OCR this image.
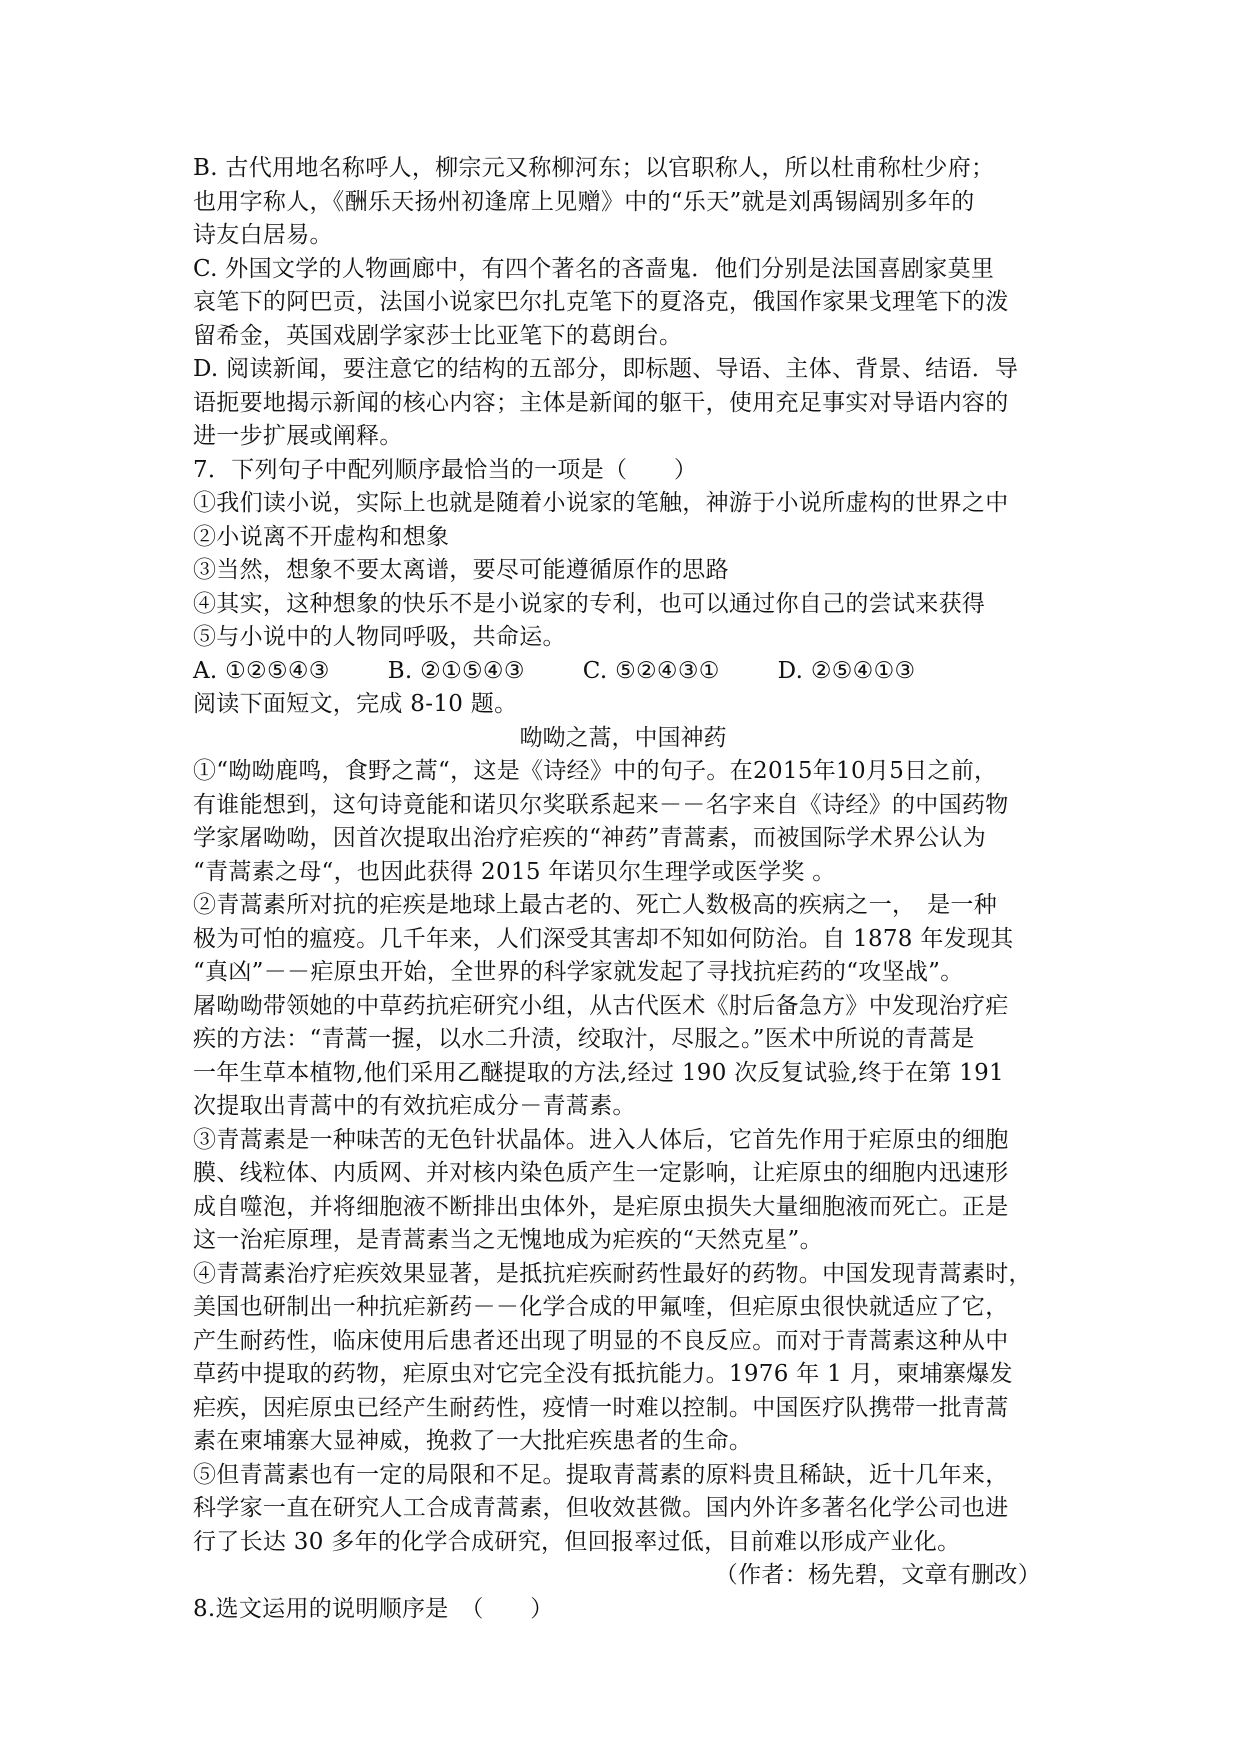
B. 古代用地名称呼人，柳宗元又称柳河东；以官职称人，所以杜甫称杜少府；
也用字称人，《酬乐天扬州初逢席上见赠》中的“乐天”就是刘禹锡阔别多年的
诗友白居易。
C. 外国文学的人物画廊中，有四个著名的吝啬鬼．他们分别是法国喜剧家莫里
哀笔下的阿巴贡，法国小说家巴尔扎克笔下的夏洛克，俄国作家果戈理笔下的泼
留希金，英国戏剧学家莎士比亚笔下的葛朗台。
D. 阅读新闻，要注意它的结构的五部分，即标题、导语、主体、背景、结语．导
语扼要地揭示新闻的核心内容；主体是新闻的躯干，使用充足事实对导语内容的
进一步扩展或阐释。
7．下列句子中配列顺序最恰当的一项是（　　）
①我们读小说，实际上也就是随着小说家的笔触，神游于小说所虚构的世界之中
②小说离不开虚构和想象
③当然，想象不要太离谱，要尽可能遵循原作的思路
④其实，这种想象的快乐不是小说家的专利，也可以通过你自己的尝试来获得
⑤与小说中的人物同呼吸，共命运。
A. ①②⑤④③	B. ②①⑤④③	C. ⑤②④③①	D. ②⑤④①③
阅读下面短文，完成 8-10 题。
呦呦之蒿，中国神药
①“呦呦鹿鸣，食野之蒿“，这是《诗经》中的句子。在2015年10月5日之前，
有谁能想到，这句诗竟能和诺贝尔奖联系起来－－名字来自《诗经》的中国药物
学家屠呦呦，因首次提取出治疗疟疾的“神药”青蒿素，而被国际学术界公认为
“青蒿素之母“，也因此获得 2015 年诺贝尔生理学或医学奖 。
②青蒿素所对抗的疟疾是地球上最古老的、死亡人数极高的疾病之一，　是一种
极为可怕的瘟疫。几千年来，人们深受其害却不知如何防治。自 1878 年发现其
“真凶”－－疟原虫开始，全世界的科学家就发起了寻找抗疟药的“攻坚战”。
屠呦呦带领她的中草药抗疟研究小组，从古代医术《肘后备急方》中发现治疗疟
疾的方法：“青蒿一握，以水二升渍，绞取汁，尽服之。”医术中所说的青蒿是
一年生草本植物,他们采用乙醚提取的方法,经过 190 次反复试验,终于在第 191
次提取出青蒿中的有效抗疟成分－青蒿素。
③青蒿素是一种味苦的无色针状晶体。进入人体后，它首先作用于疟原虫的细胞
膜、线粒体、内质网、并对核内染色质产生一定影响，让疟原虫的细胞内迅速形
成自噬泡，并将细胞液不断排出虫体外，是疟原虫损失大量细胞液而死亡。正是
这一治疟原理，是青蒿素当之无愧地成为疟疾的“天然克星”。
④青蒿素治疗疟疾效果显著，是抵抗疟疾耐药性最好的药物。中国发现青蒿素时，
美国也研制出一种抗疟新药－－化学合成的甲氟喹，但疟原虫很快就适应了它，
产生耐药性，临床使用后患者还出现了明显的不良反应。而对于青蒿素这种从中
草药中提取的药物，疟原虫对它完全没有抵抗能力。1976 年 1 月，柬埔寨爆发
疟疾，因疟原虫已经产生耐药性，疫情一时难以控制。中国医疗队携带一批青蒿
素在柬埔寨大显神威，挽救了一大批疟疾患者的生命。
⑤但青蒿素也有一定的局限和不足。提取青蒿素的原料贵且稀缺，近十几年来，
科学家一直在研究人工合成青蒿素，但收效甚微。国内外许多著名化学公司也进
行了长达 30 多年的化学合成研究，但回报率过低，目前难以形成产业化。
（作者：杨先碧，文章有删改）
8.选文运用的说明顺序是　（　　）
